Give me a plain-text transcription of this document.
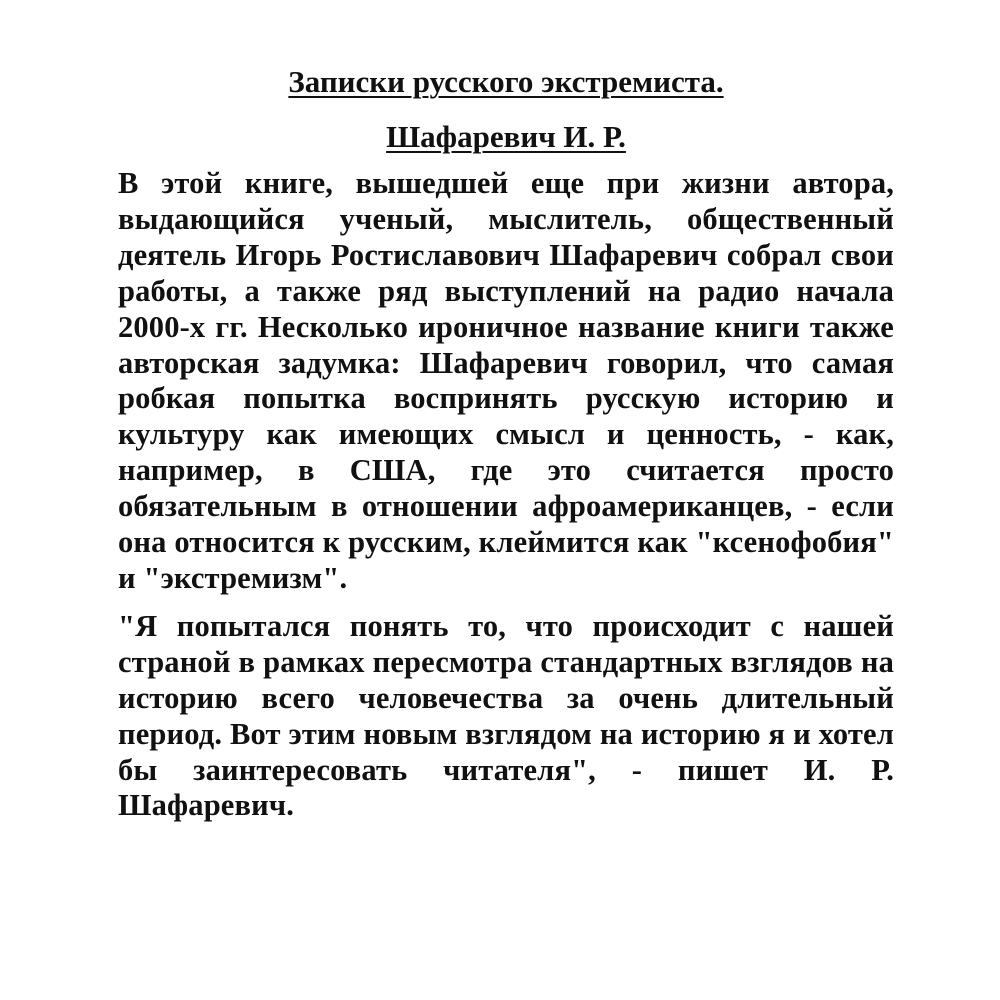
Записки русского экстремиста.
Шафаревич И. Р.

В этой книге, вышедшей еще при жизни автора, выдающийся ученый, мыслитель, общественный деятель Игорь Ростиславович Шафаревич собрал свои работы, а также ряд выступлений на радио начала 2000-х гг. Несколько ироничное название книги также авторская задумка: Шафаревич говорил, что самая робкая попытка воспринять русскую историю и культуру как имеющих смысл и ценность, - как, например, в США, где это считается просто обязательным в отношении афроамериканцев, - если она относится к русским, клеймится как "ксенофобия" и "экстремизм".

"Я попытался понять то, что происходит с нашей страной в рамках пересмотра стандартных взглядов на историю всего человечества за очень длительный период. Вот этим новым взглядом на историю я и хотел бы заинтересовать читателя", - пишет И. Р. Шафаревич.
